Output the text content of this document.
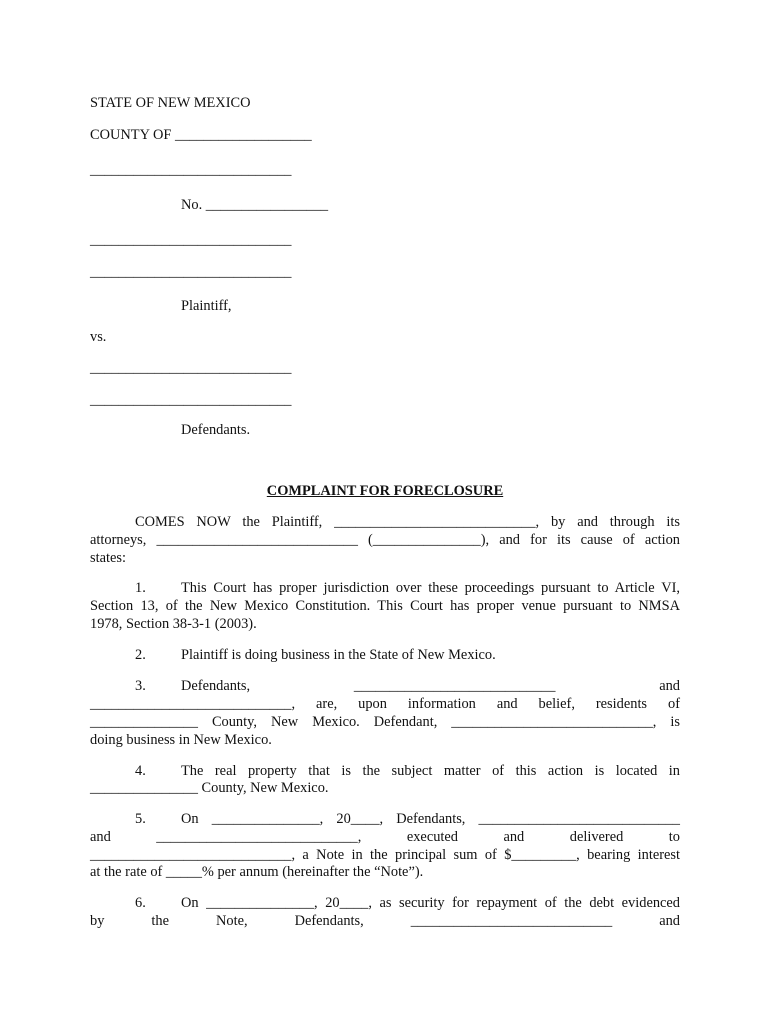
STATE OF NEW MEXICO
COUNTY OF ___________________
____________________________
No. _________________
____________________________
____________________________
Plaintiff,
vs.
____________________________
____________________________
Defendants.
COMPLAINT FOR FORECLOSURE
COMES NOW the Plaintiff, ____________________________, by and through its
attorneys, ____________________________ (_______________), and for its cause of action
states:
1. This Court has proper jurisdiction over these proceedings pursuant to Article VI,
Section 13, of the New Mexico Constitution. This Court has proper venue pursuant to NMSA
1978, Section 38-3-1 (2003).
2. Plaintiff is doing business in the State of New Mexico.
3. Defendants, ____________________________ and
____________________________, are, upon information and belief, residents of
_______________ County, New Mexico. Defendant, ____________________________, is
doing business in New Mexico.
4. The real property that is the subject matter of this action is located in
_______________ County, New Mexico.
5. On _______________, 20____, Defendants, ____________________________
and ____________________________, executed and delivered to
____________________________, a Note in the principal sum of $_________, bearing interest
at the rate of _____% per annum (hereinafter the “Note”).
6. On _______________, 20____, as security for repayment of the debt evidenced
by the Note, Defendants, ____________________________ and
